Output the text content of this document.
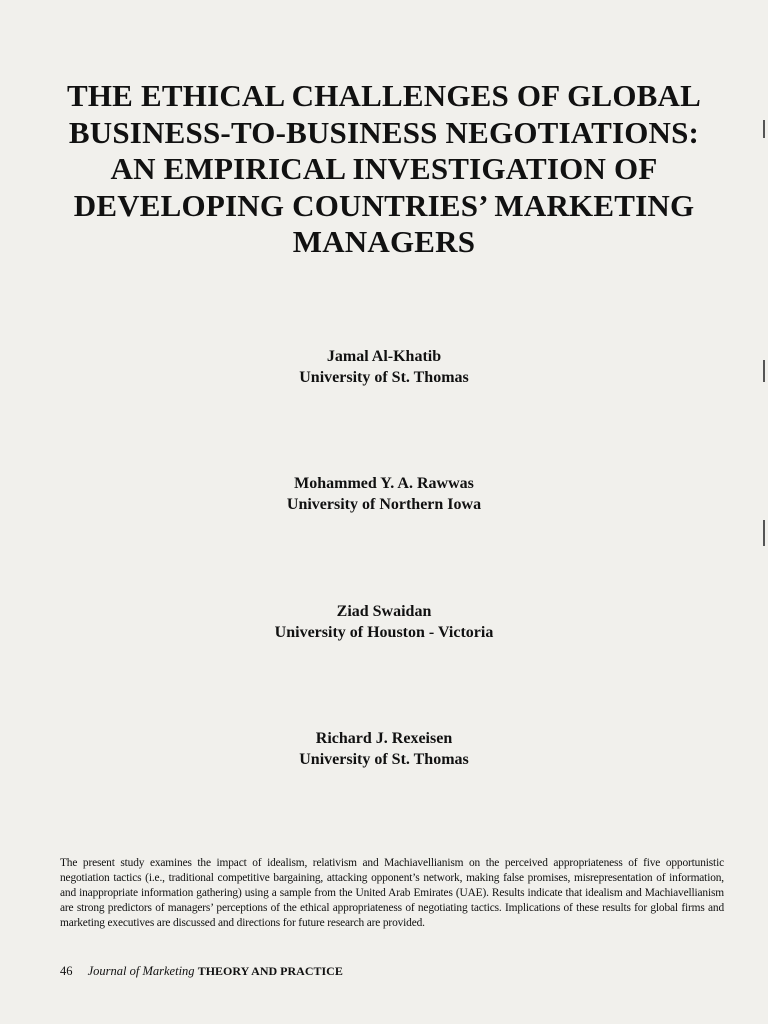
THE ETHICAL CHALLENGES OF GLOBAL
BUSINESS-TO-BUSINESS NEGOTIATIONS:
AN EMPIRICAL INVESTIGATION OF
DEVELOPING COUNTRIES’ MARKETING
MANAGERS
Jamal Al-Khatib
University of St. Thomas
Mohammed Y. A. Rawwas
University of Northern Iowa
Ziad Swaidan
University of Houston - Victoria
Richard J. Rexeisen
University of St. Thomas

The present study examines the impact of idealism, relativism and Machiavellianism on the perceived appropriateness of five opportunistic negotiation tactics (i.e., traditional competitive bargaining, attacking opponent’s network, making false promises, misrepresentation of information, and inappropriate information gathering) using a sample from the United Arab Emirates (UAE). Results indicate that idealism and Machiavellianism are strong predictors of managers’ perceptions of the ethical appropriateness of negotiating tactics. Implications of these results for global firms and marketing executives are discussed and directions for future research are provided.

46 Journal of Marketing THEORY AND PRACTICE
